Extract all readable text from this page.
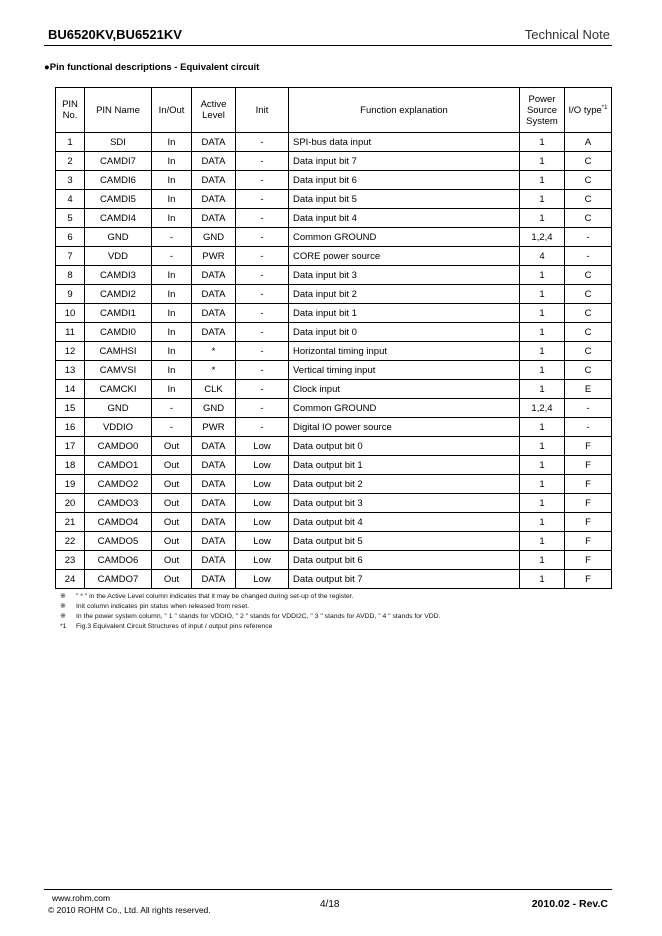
BU6520KV,BU6521KV	Technical Note
●Pin functional descriptions - Equivalent circuit
PIN No.	PIN Name	In/Out	Active Level	Init	Function explanation	Power Source System	I/O type$^{*1}$
1	SDI	In	DATA	-	SPI-bus data input	1	A
2	CAMDI7	In	DATA	-	Data input bit 7	1	C
3	CAMDI6	In	DATA	-	Data input bit 6	1	C
4	CAMDI5	In	DATA	-	Data input bit 5	1	C
5	CAMDI4	In	DATA	-	Data input bit 4	1	C
6	GND	-	GND	-	Common GROUND	1,2,4	-
7	VDD	-	PWR	-	CORE power source	4	-
8	CAMDI3	In	DATA	-	Data input bit 3	1	C
9	CAMDI2	In	DATA	-	Data input bit 2	1	C
10	CAMDI1	In	DATA	-	Data input bit 1	1	C
11	CAMDI0	In	DATA	-	Data input bit 0	1	C
12	CAMHSI	In	*	-	Horizontal timing input	1	C
13	CAMVSI	In	*	-	Vertical timing input	1	C
14	CAMCKI	In	CLK	-	Clock input	1	E
15	GND	-	GND	-	Common GROUND	1,2,4	-
16	VDDIO	-	PWR	-	Digital IO power source	1	-
17	CAMDO0	Out	DATA	Low	Data output bit 0	1	F
18	CAMDO1	Out	DATA	Low	Data output bit 1	1	F
19	CAMDO2	Out	DATA	Low	Data output bit 2	1	F
20	CAMDO3	Out	DATA	Low	Data output bit 3	1	F
21	CAMDO4	Out	DATA	Low	Data output bit 4	1	F
22	CAMDO5	Out	DATA	Low	Data output bit 5	1	F
23	CAMDO6	Out	DATA	Low	Data output bit 6	1	F
24	CAMDO7	Out	DATA	Low	Data output bit 7	1	F
※ " * " in the Active Level column indicates that it may be changed during set-up of the register.
※ Init column indicates pin status when released from reset.
※ In the power system column, " 1 " stands for VDDIO, " 2 " stands for VDDI2C, " 3 " stands for AVDD, " 4 " stands for VDD.
*1 Fig.3 Equivalent Circuit Structures of input / output pins reference
www.rohm.com
© 2010 ROHM Co., Ltd. All rights reserved.	4/18	2010.02 - Rev.C
